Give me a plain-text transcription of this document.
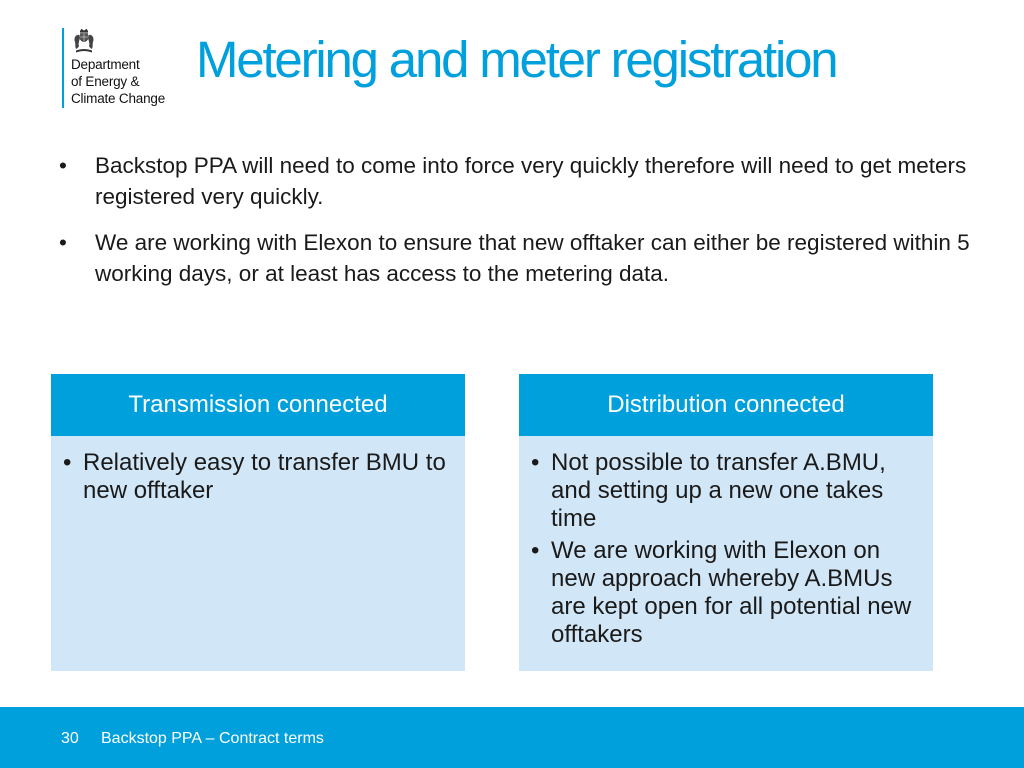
Department
of Energy &
Climate Change
Metering and meter registration
• Backstop PPA will need to come into force very quickly therefore will need to get meters registered very quickly.
• We are working with Elexon to ensure that new offtaker can either be registered within 5 working days, or at least has access to the metering data.
Transmission connected
• Relatively easy to transfer BMU to new offtaker
Distribution connected
• Not possible to transfer A.BMU, and setting up a new one takes time
• We are working with Elexon on new approach whereby A.BMUs are kept open for all potential new offtakers
30 Backstop PPA – Contract terms
